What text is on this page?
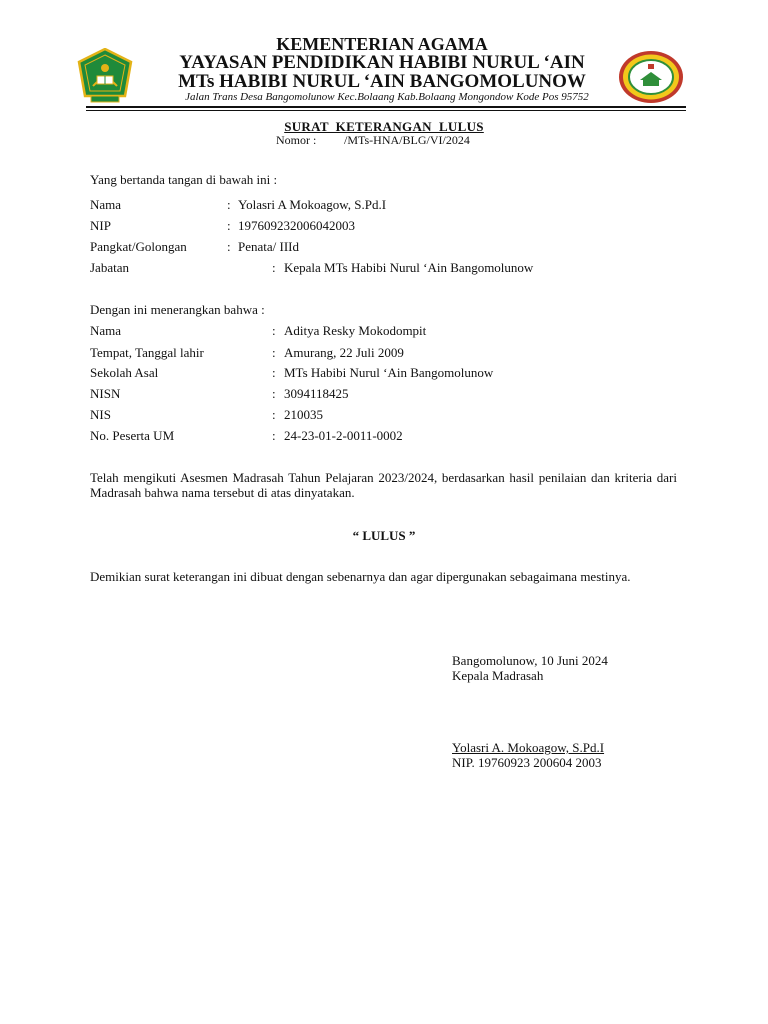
KEMENTERIAN AGAMA
YAYASAN PENDIDIKAN HABIBI NURUL ‘AIN
MTs HABIBI NURUL ‘AIN BANGOMOLUNOW
Jalan Trans Desa Bangomolunow Kec.Bolaang Kab.Bolaang Mongondow Kode Pos 95752
SURAT  KETERANGAN  LULUS
Nomor : /MTs-HNA/BLG/VI/2024
Yang bertanda tangan di bawah ini :
Nama	: Yolasri A Mokoagow, S.Pd.I
NIP	: 197609232006042003
Pangkat/Golongan	: Penata/ IIId
Jabatan	: Kepala MTs Habibi Nurul ‘Ain Bangomolunow
Dengan ini menerangkan bahwa :
Nama	: Aditya Resky Mokodompit
Tempat, Tanggal lahir	: Amurang, 22 Juli 2009
Sekolah Asal	: MTs Habibi Nurul ‘Ain Bangomolunow
NISN	: 3094118425
NIS	: 210035
No. Peserta UM	: 24-23-01-2-0011-0002
Telah mengikuti Asesmen Madrasah Tahun Pelajaran 2023/2024, berdasarkan hasil penilaian dan kriteria dari Madrasah bahwa nama tersebut di atas dinyatakan.
“ LULUS ”
Demikian surat keterangan ini dibuat dengan sebenarnya dan agar dipergunakan sebagaimana mestinya.
Bangomolunow, 10 Juni 2024
Kepala Madrasah
Yolasri A. Mokoagow, S.Pd.I
NIP. 19760923 200604 2003
